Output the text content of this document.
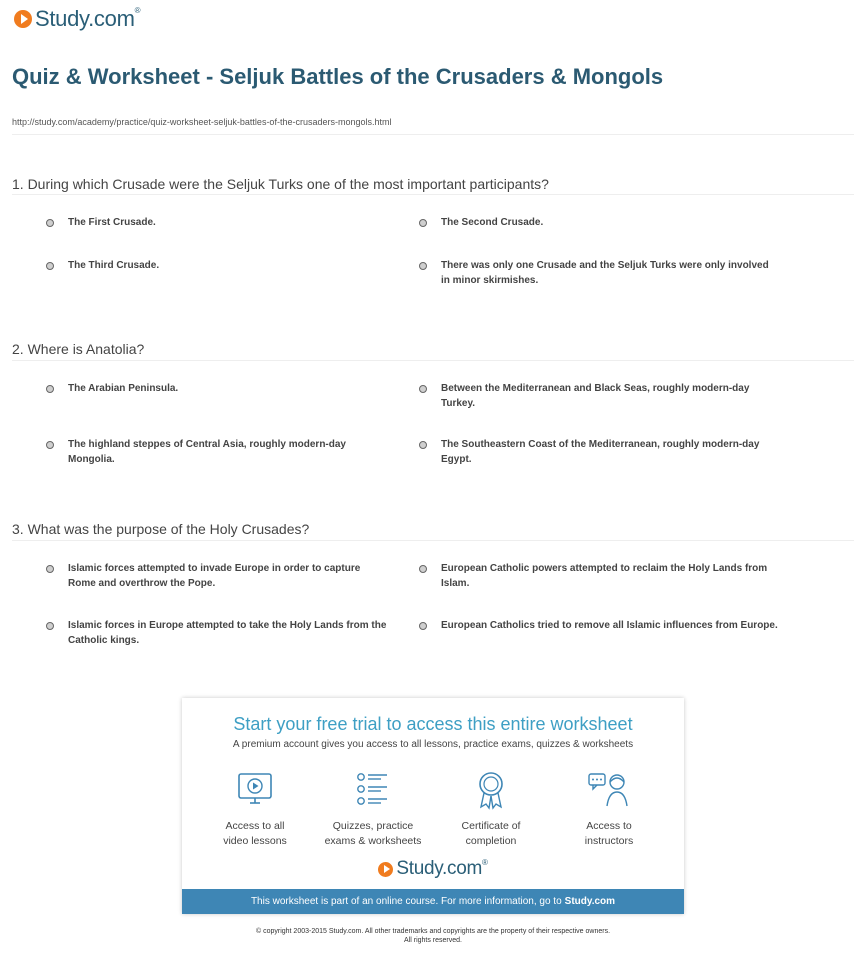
Study.com®
Quiz & Worksheet - Seljuk Battles of the Crusaders & Mongols
http://study.com/academy/practice/quiz-worksheet-seljuk-battles-of-the-crusaders-mongols.html
1. During which Crusade were the Seljuk Turks one of the most important participants?
The First Crusade.	The Second Crusade.
The Third Crusade.	There was only one Crusade and the Seljuk Turks were only involved in minor skirmishes.
2. Where is Anatolia?
The Arabian Peninsula.	Between the Mediterranean and Black Seas, roughly modern-day Turkey.
The highland steppes of Central Asia, roughly modern-day Mongolia.
The Southeastern Coast of the Mediterranean, roughly modern-day Egypt.
3. What was the purpose of the Holy Crusades?
Islamic forces attempted to invade Europe in order to capture Rome and overthrow the Pope.
European Catholic powers attempted to reclaim the Holy Lands from Islam.
Islamic forces in Europe attempted to take the Holy Lands from the Catholic kings.
European Catholics tried to remove all Islamic influences from Europe.
Start your free trial to access this entire worksheet
A premium account gives you access to all lessons, practice exams, quizzes & worksheets
Access to all
video lessons
Quizzes, practice
exams & worksheets
Certificate of
completion
Access to
instructors
Study.com®
This worksheet is part of an online course. For more information, go to Study.com
© copyright 2003-2015 Study.com. All other trademarks and copyrights are the property of their respective owners.
All rights reserved.
